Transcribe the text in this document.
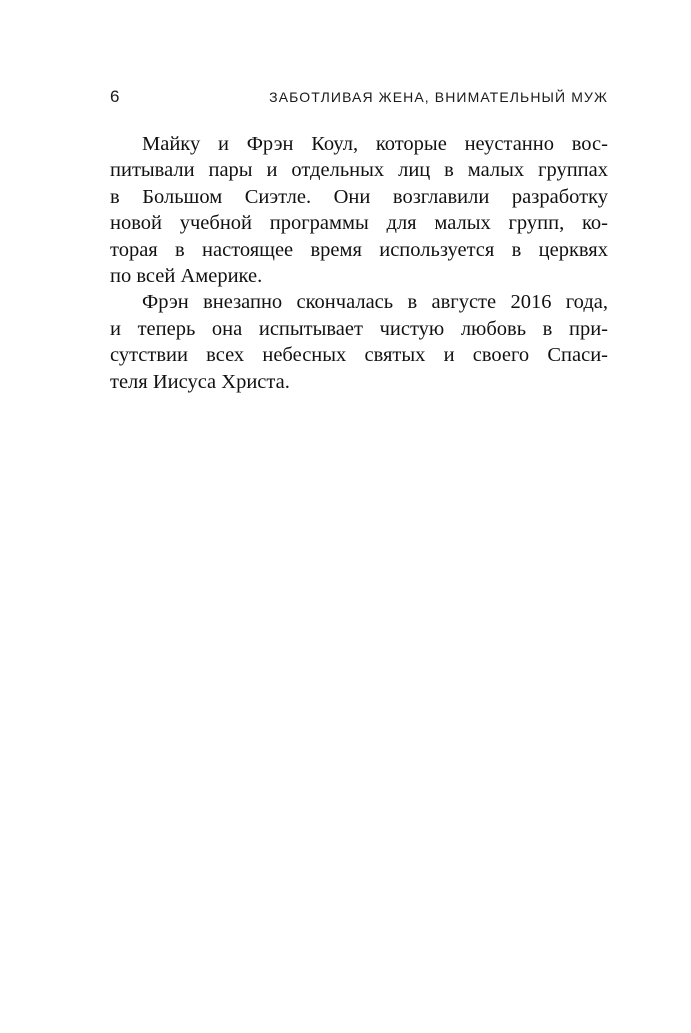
6	ЗАБОТЛИВАЯ ЖЕНА, ВНИМАТЕЛЬНЫЙ МУЖ
Майку и Фрэн Коул, которые неустанно вос-
питывали пары и отдельных лиц в малых группах
в Большом Сиэтле. Они возглавили разработку
новой учебной программы для малых групп, ко-
торая в настоящее время используется в церквях
по всей Америке.
Фрэн внезапно скончалась в августе 2016 года,
и теперь она испытывает чистую любовь в при-
сутствии всех небесных святых и своего Спаси-
теля Иисуса Христа.
